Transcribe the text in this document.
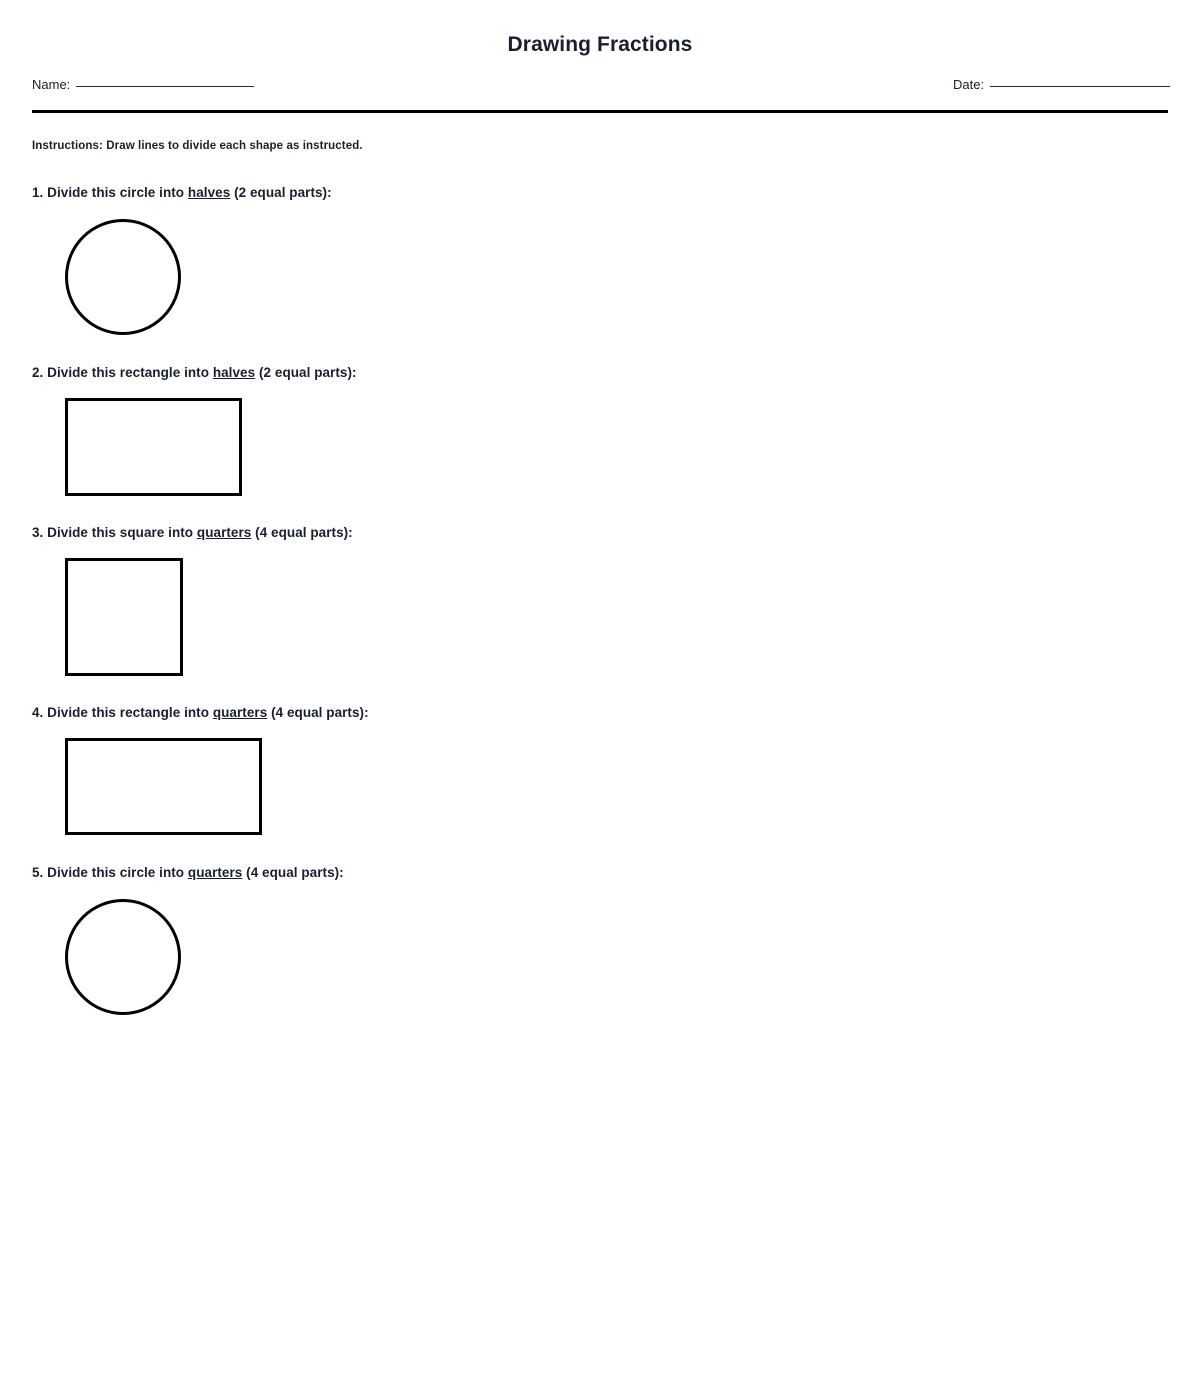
Drawing Fractions
Name:	Date:
Instructions: Draw lines to divide each shape as instructed.
1. Divide this circle into halves (2 equal parts):
2. Divide this rectangle into halves (2 equal parts):
3. Divide this square into quarters (4 equal parts):
4. Divide this rectangle into quarters (4 equal parts):
5. Divide this circle into quarters (4 equal parts):
